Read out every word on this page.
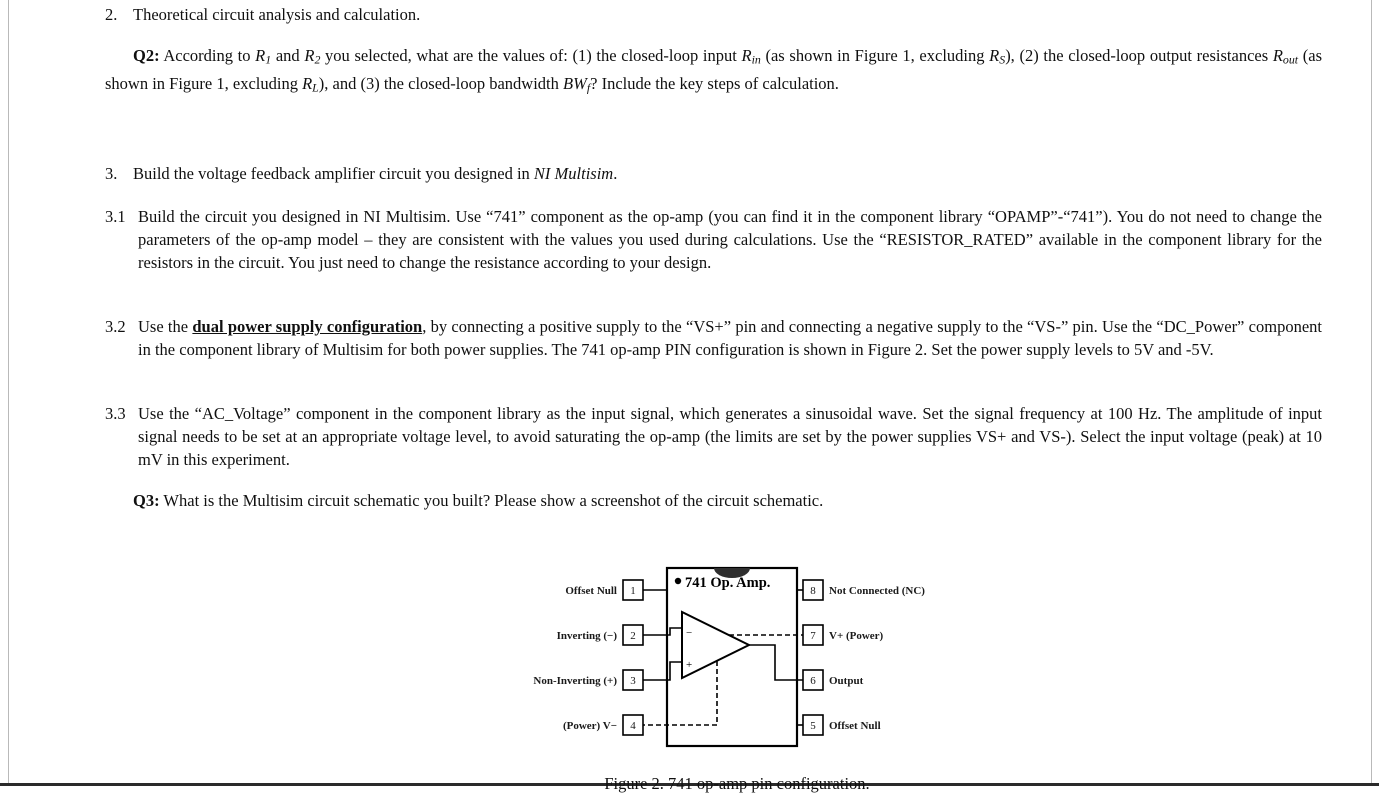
2. Theoretical circuit analysis and calculation.
Q2: According to R1 and R2 you selected, what are the values of: (1) the closed-loop input Rin (as shown in Figure 1, excluding RS), (2) the closed-loop output resistances Rout (as shown in Figure 1, excluding RL), and (3) the closed-loop bandwidth BWf? Include the key steps of calculation.
3. Build the voltage feedback amplifier circuit you designed in NI Multisim.
3.1 Build the circuit you designed in NI Multisim. Use “741” component as the op-amp (you can find it in the component library “OPAMP”-“741”). You do not need to change the parameters of the op-amp model – they are consistent with the values you used during calculations. Use the “RESISTOR_RATED” available in the component library for the resistors in the circuit. You just need to change the resistance according to your design.
3.2 Use the dual power supply configuration, by connecting a positive supply to the “VS+” pin and connecting a negative supply to the “VS-” pin. Use the “DC_Power” component in the component library of Multisim for both power supplies. The 741 op-amp PIN configuration is shown in Figure 2. Set the power supply levels to 5V and -5V.
3.3 Use the “AC_Voltage” component in the component library as the input signal, which generates a sinusoidal wave. Set the signal frequency at 100 Hz. The amplitude of input signal needs to be set at an appropriate voltage level, to avoid saturating the op-amp (the limits are set by the power supplies VS+ and VS-). Select the input voltage (peak) at 10 mV in this experiment.
Q3: What is the Multisim circuit schematic you built? Please show a screenshot of the circuit schematic.
Offset Null
Inverting (−)
Non-Inverting (+)
(Power) V−
1
2
3
4
741 Op. Amp.
−
+
8
7
6
5
Not Connected (NC)
V+ (Power)
Output
Offset Null
Figure 2. 741 op-amp pin configuration.
